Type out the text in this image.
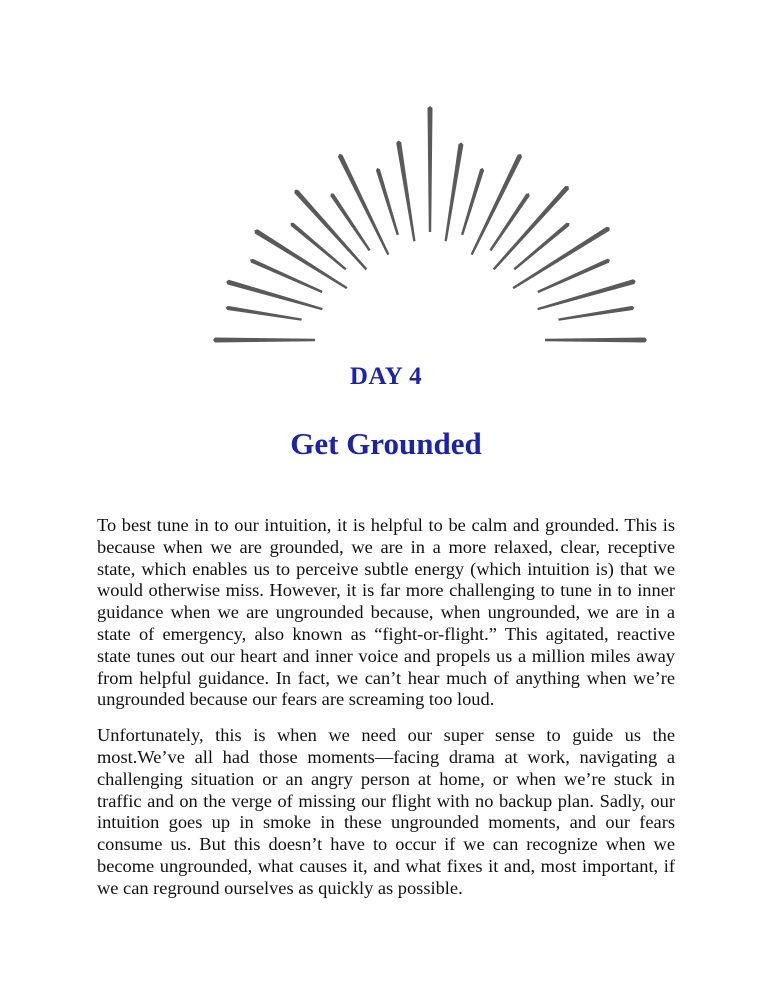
DAY 4
Get Grounded

To best tune in to our intuition, it is helpful to be calm and grounded. This is because when we are grounded, we are in a more relaxed, clear, receptive state, which enables us to perceive subtle energy (which intuition is) that we would otherwise miss. However, it is far more challenging to tune in to inner guidance when we are ungrounded because, when ungrounded, we are in a state of emergency, also known as “fight-or-flight.” This agitated, reactive state tunes out our heart and inner voice and propels us a million miles away from helpful guidance. In fact, we can’t hear much of anything when we’re ungrounded because our fears are screaming too loud.

Unfortunately, this is when we need our super sense to guide us the most.We’ve all had those moments—facing drama at work, navigating a challenging situation or an angry person at home, or when we’re stuck in traffic and on the verge of missing our flight with no backup plan. Sadly, our intuition goes up in smoke in these ungrounded moments, and our fears consume us. But this doesn’t have to occur if we can recognize when we become ungrounded, what causes it, and what fixes it and, most important, if we can reground ourselves as quickly as possible.
